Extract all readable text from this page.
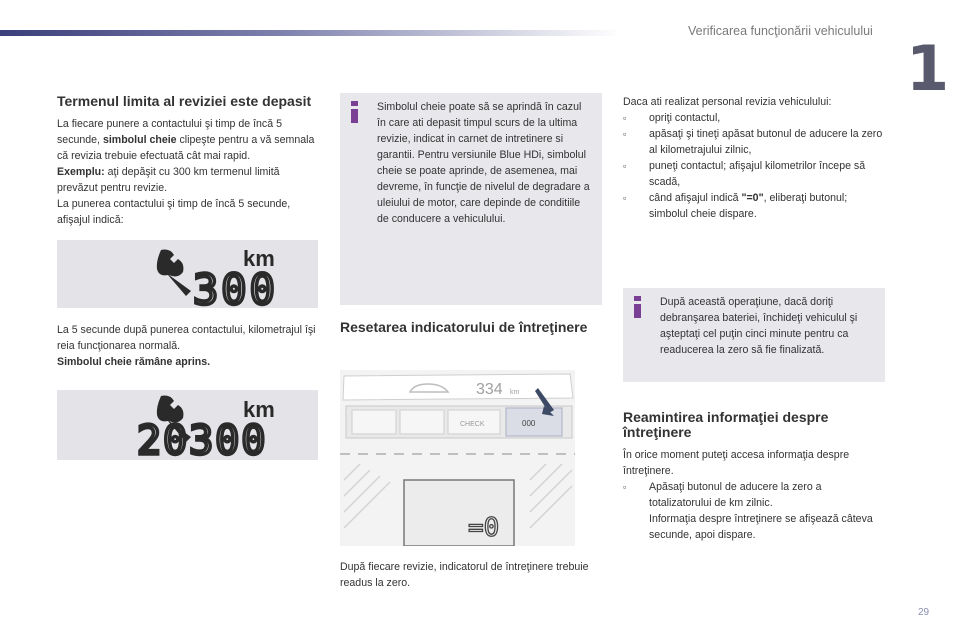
Verificarea funcţionării vehiculului
1
Termenul limita al reviziei este depasit

La fiecare punere a contactului şi timp de încă 5 secunde, simbolul cheie clipeşte pentru a vă semnala că revizia trebuie efectuată cât mai rapid.

Exemplu: aţi depăşit cu 300 km termenul limită prevăzut pentru revizie.

La punerea contactului şi timp de încă 5 secunde, afişajul indică:

km
300

La 5 secunde după punerea contactului, kilometrajul îşi reia funcţionarea normală.

Simbolul cheie rămâne aprins.

km
20300
Simbolul cheie poate să se aprindă în cazul în care ati depasit timpul scurs de la ultima revizie, indicat in carnet de intretinere si garantii. Pentru versiunile Blue HDi, simbolul cheie se poate aprinde, de asemenea, mai devreme, în funcţie de nivelul de degradare a uleiului de motor, care depinde de conditiile de conducere a vehiculului.
Resetarea indicatorului de întreţinere
334 km
CHECK	000
=0
După fiecare revizie, indicatorul de întreţinere trebuie readus la zero.

Daca ati realizat personal revizia vehiculului:

▫ opriţi contactul,
▫ apăsaţi şi tineţi apăsat butonul de aducere la zero al kilometrajului zilnic,
▫ puneţi contactul; afişajul kilometrilor începe să scadă,
▫ când afişajul indică "=0", eliberaţi butonul; simbolul cheie dispare.
După această operaţiune, dacă doriţi debranşarea bateriei, închideţi vehiculul şi aşteptaţi cel puţin cinci minute pentru ca readucerea la zero să fie finalizată.
Reamintirea informaţiei despre întreţinere

În orice moment puteţi accesa informaţia despre întreţinere.

▫ Apăsaţi butonul de aducere la zero a totalizatorului de km zilnic.
Informaţia despre întreţinere se afişează câteva secunde, apoi dispare.
29
